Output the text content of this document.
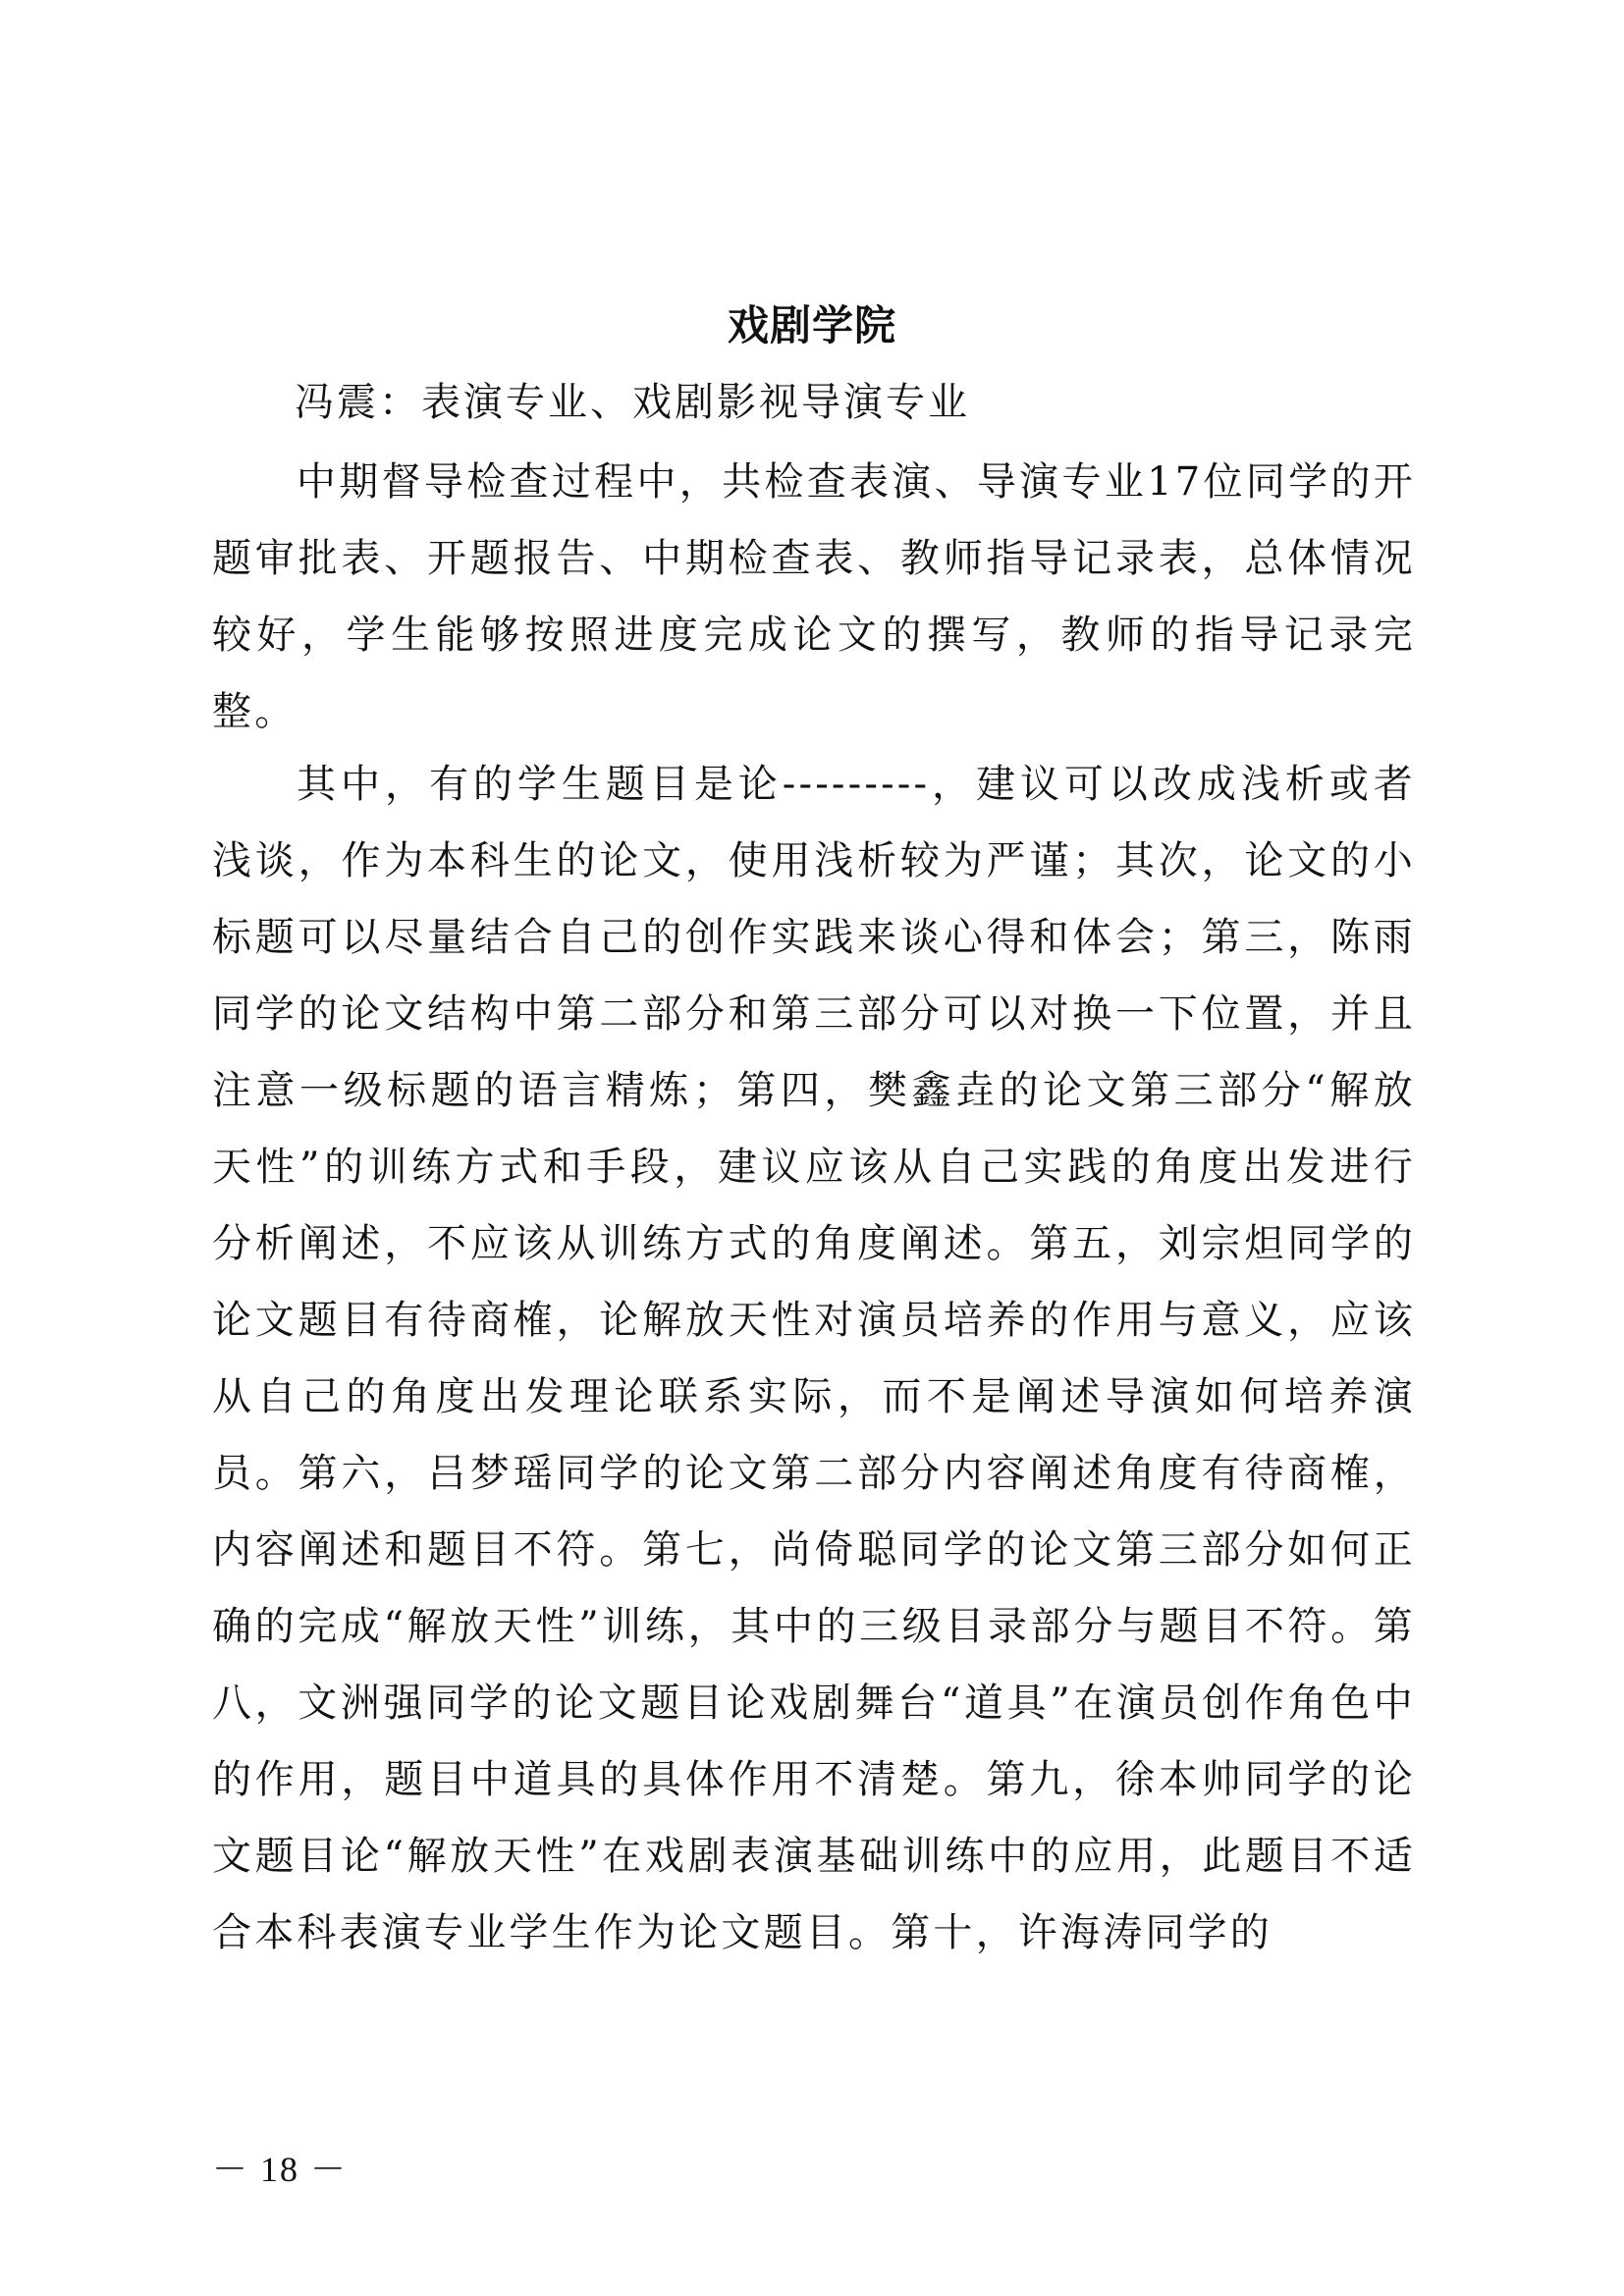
戏剧学院
冯震：表演专业、戏剧影视导演专业

中期督导检查过程中，共检查表演、导演专业17位同学的开题审批表、开题报告、中期检查表、教师指导记录表，总体情况较好，学生能够按照进度完成论文的撰写，教师的指导记录完整。

其中，有的学生题目是论---------，建议可以改成浅析或者浅谈，作为本科生的论文，使用浅析较为严谨；其次，论文的小标题可以尽量结合自己的创作实践来谈心得和体会；第三，陈雨同学的论文结构中第二部分和第三部分可以对换一下位置，并且注意一级标题的语言精炼；第四，樊鑫垚的论文第三部分“解放天性”的训练方式和手段，建议应该从自己实践的角度出发进行分析阐述，不应该从训练方式的角度阐述。第五，刘宗炟同学的论文题目有待商榷，论解放天性对演员培养的作用与意义，应该从自己的角度出发理论联系实际，而不是阐述导演如何培养演员。第六，吕梦瑶同学的论文第二部分内容阐述角度有待商榷，内容阐述和题目不符。第七，尚倚聪同学的论文第三部分如何正确的完成“解放天性”训练，其中的三级目录部分与题目不符。第八，文洲强同学的论文题目论戏剧舞台“道具”在演员创作角色中的作用，题目中道具的具体作用不清楚。第九，徐本帅同学的论文题目论“解放天性”在戏剧表演基础训练中的应用，此题目不适合本科表演专业学生作为论文题目。第十，许海涛同学的

－ 18 －
